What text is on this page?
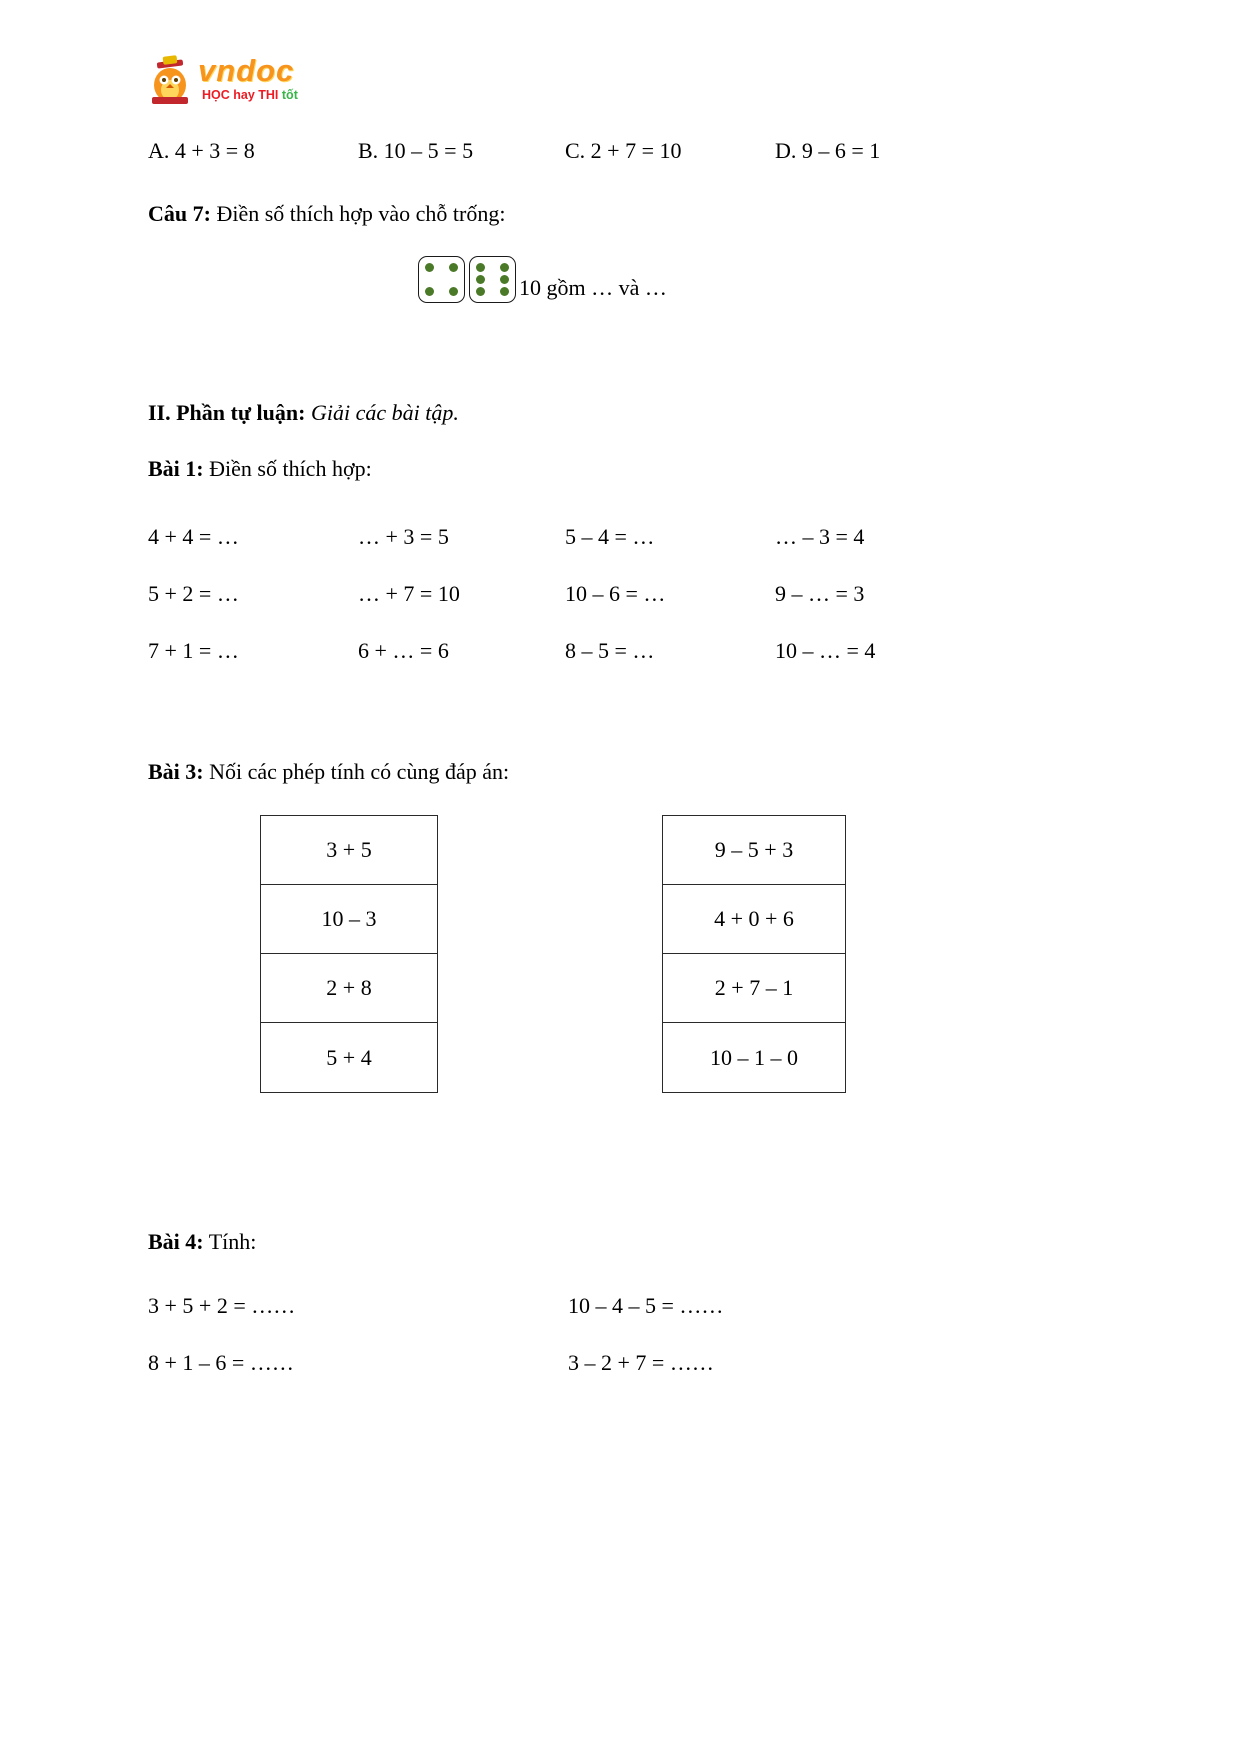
vndoc
HỌC hay THI tốt
A. 4 + 3 = 8	B. 10 – 5 = 5	C. 2 + 7 = 10	D. 9 – 6 = 1

Câu 7: Điền số thích hợp vào chỗ trống:

10 gồm … và …

II. Phần tự luận: Giải các bài tập.

Bài 1: Điền số thích hợp:

4 + 4 = …	… + 3 = 5	5 – 4 = …	… – 3 = 4
5 + 2 = …	… + 7 = 10	10 – 6 = …	9 – … = 3
7 + 1 = …	6 + … = 6	8 – 5 = …	10 – … = 4

Bài 3: Nối các phép tính có cùng đáp án:

3 + 5
10 – 3
2 + 8
5 + 4
9 – 5 + 3
4 + 0 + 6
2 + 7 – 1
10 – 1 – 0

Bài 4: Tính:

3 + 5 + 2 = ……	10 – 4 – 5 = ……
8 + 1 – 6 = ……	3 – 2 + 7 = ……
